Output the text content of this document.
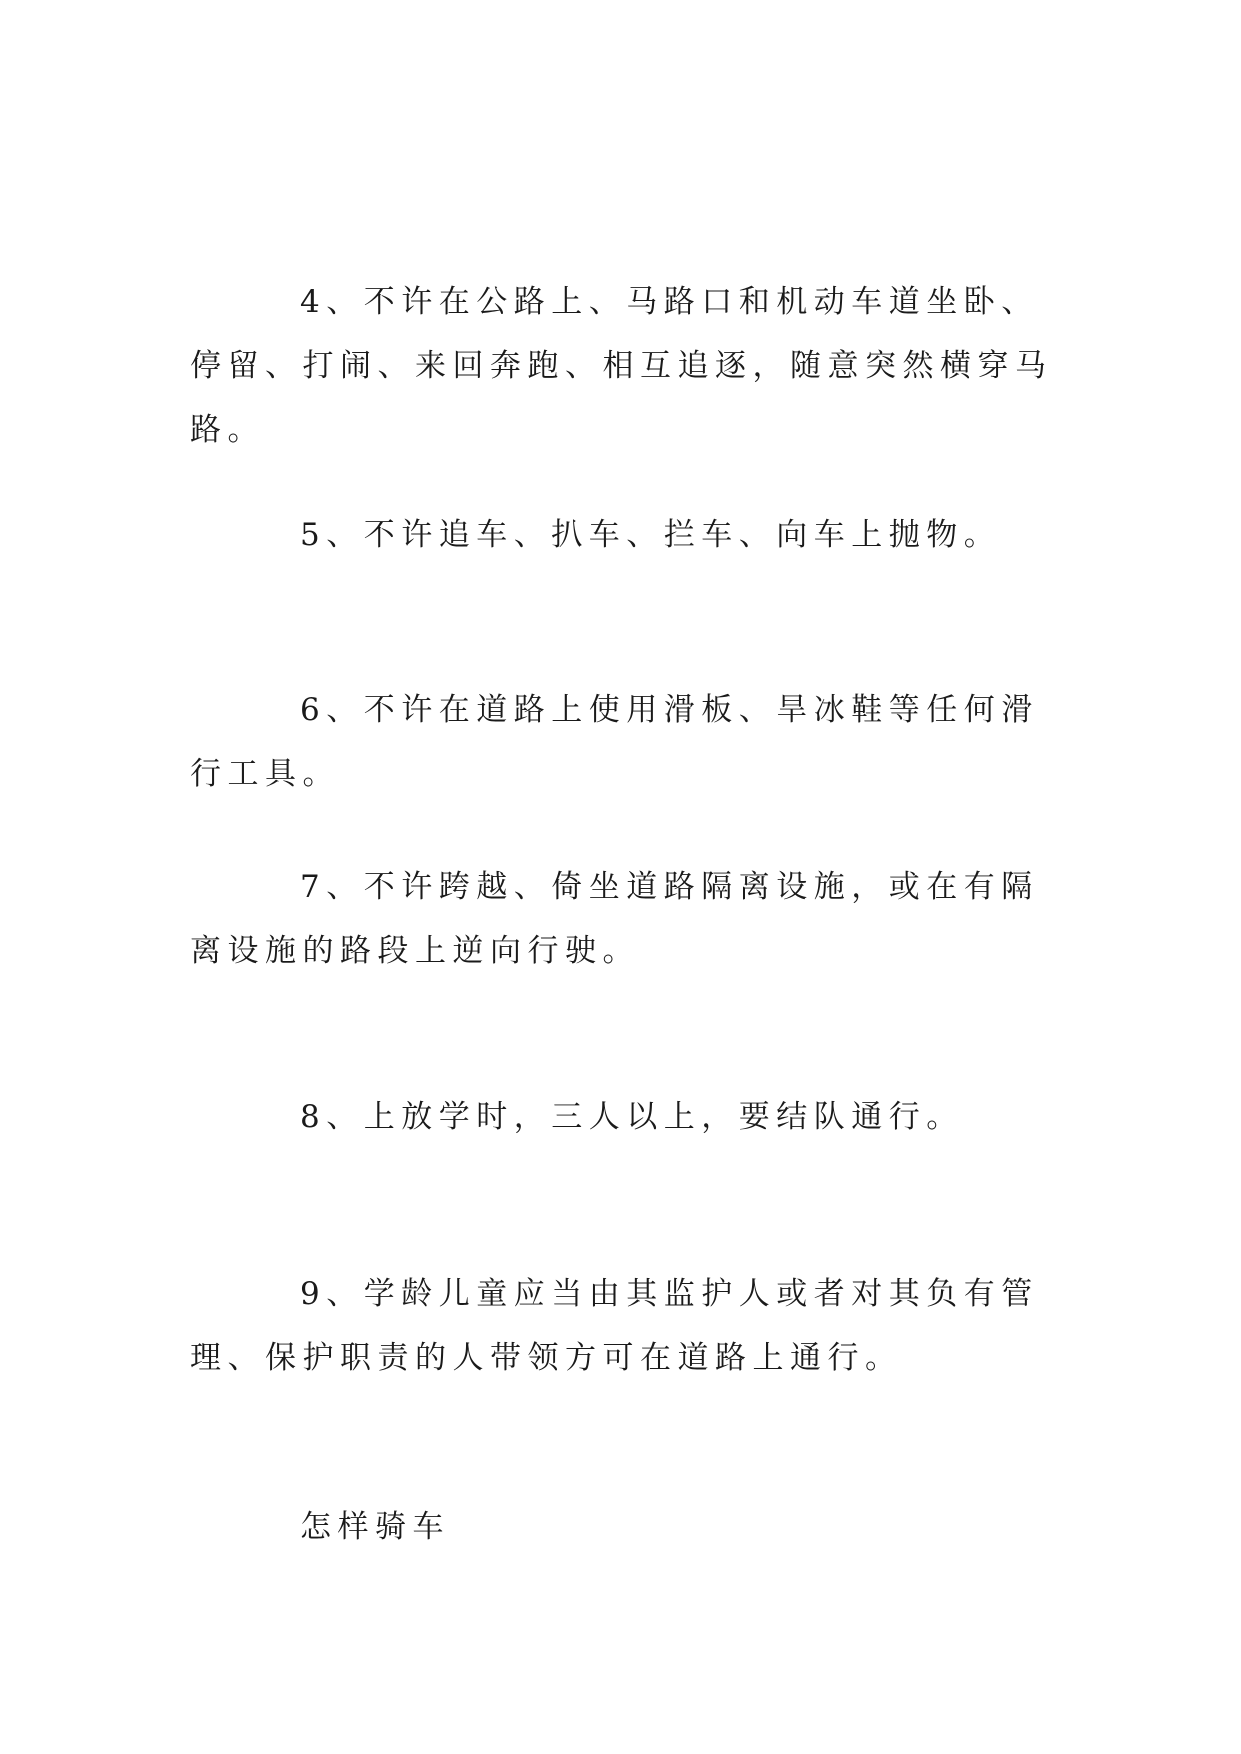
4、不许在公路上、马路口和机动车道坐卧、停留、打闹、来回奔跑、相互追逐，随意突然横穿马路。

5、不许追车、扒车、拦车、向车上抛物。

6、不许在道路上使用滑板、旱冰鞋等任何滑行工具。

7、不许跨越、倚坐道路隔离设施，或在有隔离设施的路段上逆向行驶。

8、上放学时，三人以上，要结队通行。

9、学龄儿童应当由其监护人或者对其负有管理、保护职责的人带领方可在道路上通行。

怎样骑车
